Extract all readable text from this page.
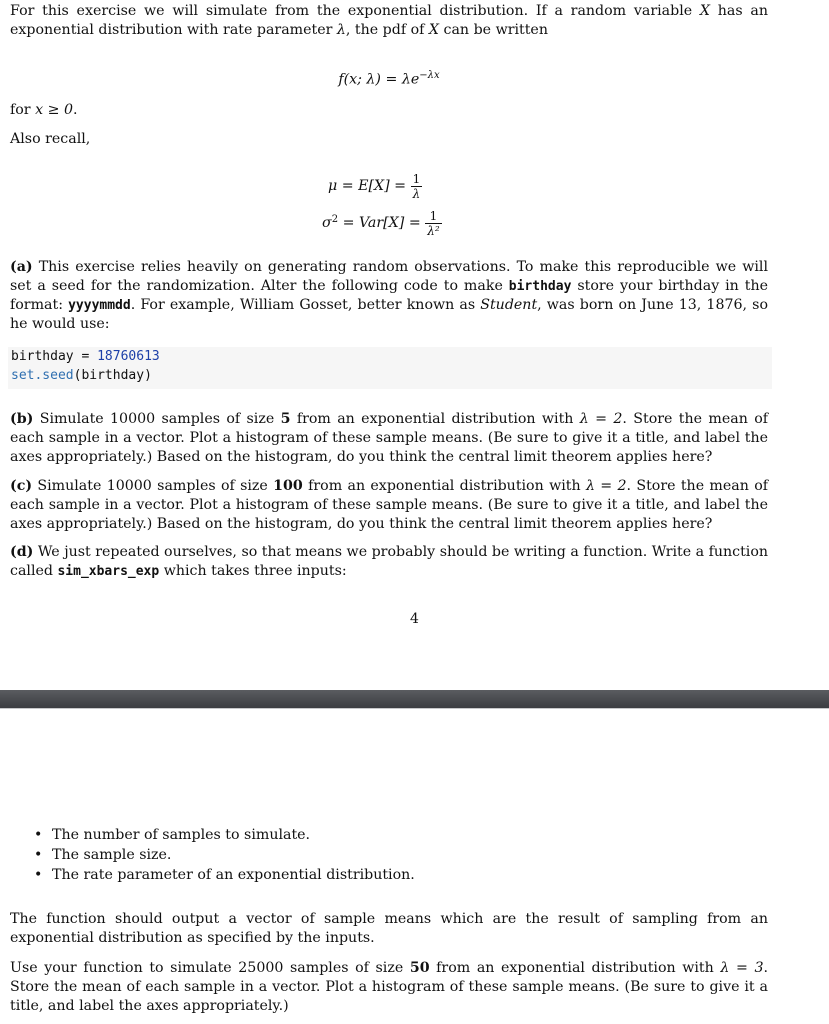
For this exercise we will simulate from the exponential distribution. If a random variable X has an exponential distribution with rate parameter λ, the pdf of X can be written

f(x; $\lambda) = \lambda e^{-\lambda x}$

for x ≥ 0.

Also recall,

$\mu = E[X] = \frac{1}{\lambda}$
$\sigma^2 = Var[X] = \frac{1}{\text{λ²}}$

(a) This exercise relies heavily on generating random observations. To make this reproducible we will set a seed for the randomization. Alter the following code to make birthday store your birthday in the format: yyyymmdd. For example, William Gosset, better known as Student, was born on June 13, 1876, so he would use:

birthday = 18760613
set.seed(birthday)

(b) Simulate 10000 samples of size 5 from an exponential distribution with λ = 2. Store the mean of each sample in a vector. Plot a histogram of these sample means. (Be sure to give it a title, and label the axes appropriately.) Based on the histogram, do you think the central limit theorem applies here?

(c) Simulate 10000 samples of size 100 from an exponential distribution with λ = 2. Store the mean of each sample in a vector. Plot a histogram of these sample means. (Be sure to give it a title, and label the axes appropriately.) Based on the histogram, do you think the central limit theorem applies here?

(d) We just repeated ourselves, so that means we probably should be writing a function. Write a function called sim_xbars_exp which takes three inputs:

4
• The number of samples to simulate.
• The sample size.
• The rate parameter of an exponential distribution.

The function should output a vector of sample means which are the result of sampling from an exponential distribution as specified by the inputs.

Use your function to simulate 25000 samples of size 50 from an exponential distribution with λ = 3. Store the mean of each sample in a vector. Plot a histogram of these sample means. (Be sure to give it a title, and label the axes appropriately.)
